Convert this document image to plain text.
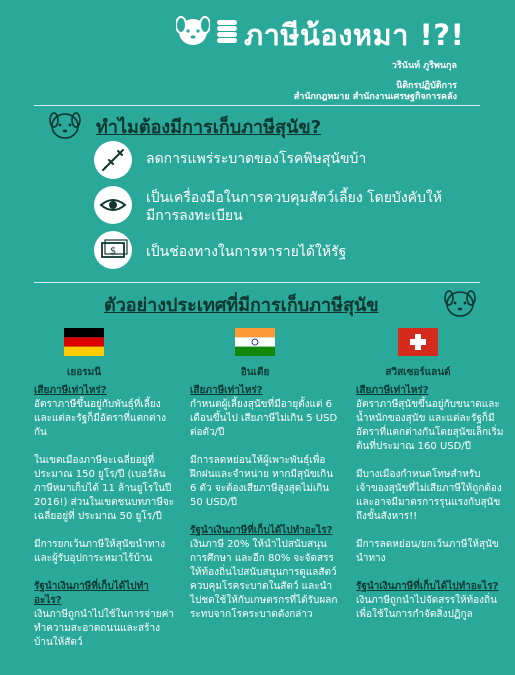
ภาษีน้องหมา !?!
วรินันท์ ภูริพนกุล
นิติกรปฏิบัติการ
สำนักกฎหมาย สำนักงานเศรษฐกิจการคลัง
ทำไมต้องมีการเก็บภาษีสุนัข?
ลดการแพร่ระบาดของโรคพิษสุนัขบ้า
เป็นเครื่องมือในการควบคุมสัตว์เลี้ยง โดยบังคับให้มีการลงทะเบียน
$ เป็นช่องทางในการหารายได้ให้รัฐ
ตัวอย่างประเทศที่มีการเก็บภาษีสุนัข
เยอรมนี	อินเดีย	สวิสเซอร์แลนด์
เสียภาษีเท่าไหร่?
อัตราภาษีขึ้นอยู่กับพันธุ์ที่เลี้ยง และแต่ละรัฐก็มีอัตราที่แตกต่างกัน
ในเขตเมืองภาษีจะเฉลี่ยอยู่ที่ประมาณ 150 ยูโร/ปี (เบอร์ลินภาษีหมาเก็บได้ 11 ล้านยูโรในปี 2016!) ส่วนในเขตชนบทภาษีจะเฉลี่ยอยู่ที่ ประมาณ 50 ยูโร/ปี
มีการยกเว้นภาษีให้สุนัขนำทาง และผู้รับอุปการะหมาไร้บ้าน
รัฐนำเงินภาษีที่เก็บได้ไปทำอะไร?
เงินภาษีถูกนำไปใช้ในการจ่ายค่าทำความสะอาดถนนและสร้างบ้านให้สัตว์
เสียภาษีเท่าไหร่?
กำหนดผู้เลี้ยงสุนัขที่มีอายุตั้งแต่ 6 เดือนขึ้นไป เสียภาษีไม่เกิน 5 USD ต่อตัว/ปี
มีการลดหย่อนให้ผู้เพาะพันธุ์เพื่อฝึกฝนและจำหน่าย หากมีสุนัขเกิน 6 ตัว จะต้องเสียภาษีสูงสุดไม่เกิน 50 USD/ปี
รัฐนำเงินภาษีที่เก็บได้ไปทำอะไร?
เงินภาษี 20% ให้นำไปสนับสนุนการศึกษา และอีก 80% จะจัดสรรให้ท้องถิ่นไปสนับสนุนการดูแลสัตว์ควบคุมโรคระบาดในสัตว์ และนำไปชดใช้ให้กับเกษตรกรที่ได้รับผลกระทบจากโรคระบาดดังกล่าว
เสียภาษีเท่าไหร่?
อัตราภาษีสุนัขขึ้นอยู่กับขนาดและน้ำหนักของสุนัข และแต่ละรัฐก็มีอัตราที่แตกต่างกันโดยสุนัขเล็กเริ่มต้นที่ประมาณ 160 USD/ปี
มีบางเมืองกำหนดโทษสำหรับเจ้าของสุนัขที่ไม่เสียภาษีให้ถูกต้อง และอาจมีมาตรการรุนแรงกับสุนัขถึงขั้นสังหาร!!
มีการลดหย่อน/ยกเว้นภาษีให้สุนัขนำทาง
รัฐนำเงินภาษีที่เก็บได้ไปทำอะไร?
เงินภาษีถูกนำไปจัดสรรให้ท้องถิ่นเพื่อใช้ในการกำจัดสิ่งปฏิกูล
